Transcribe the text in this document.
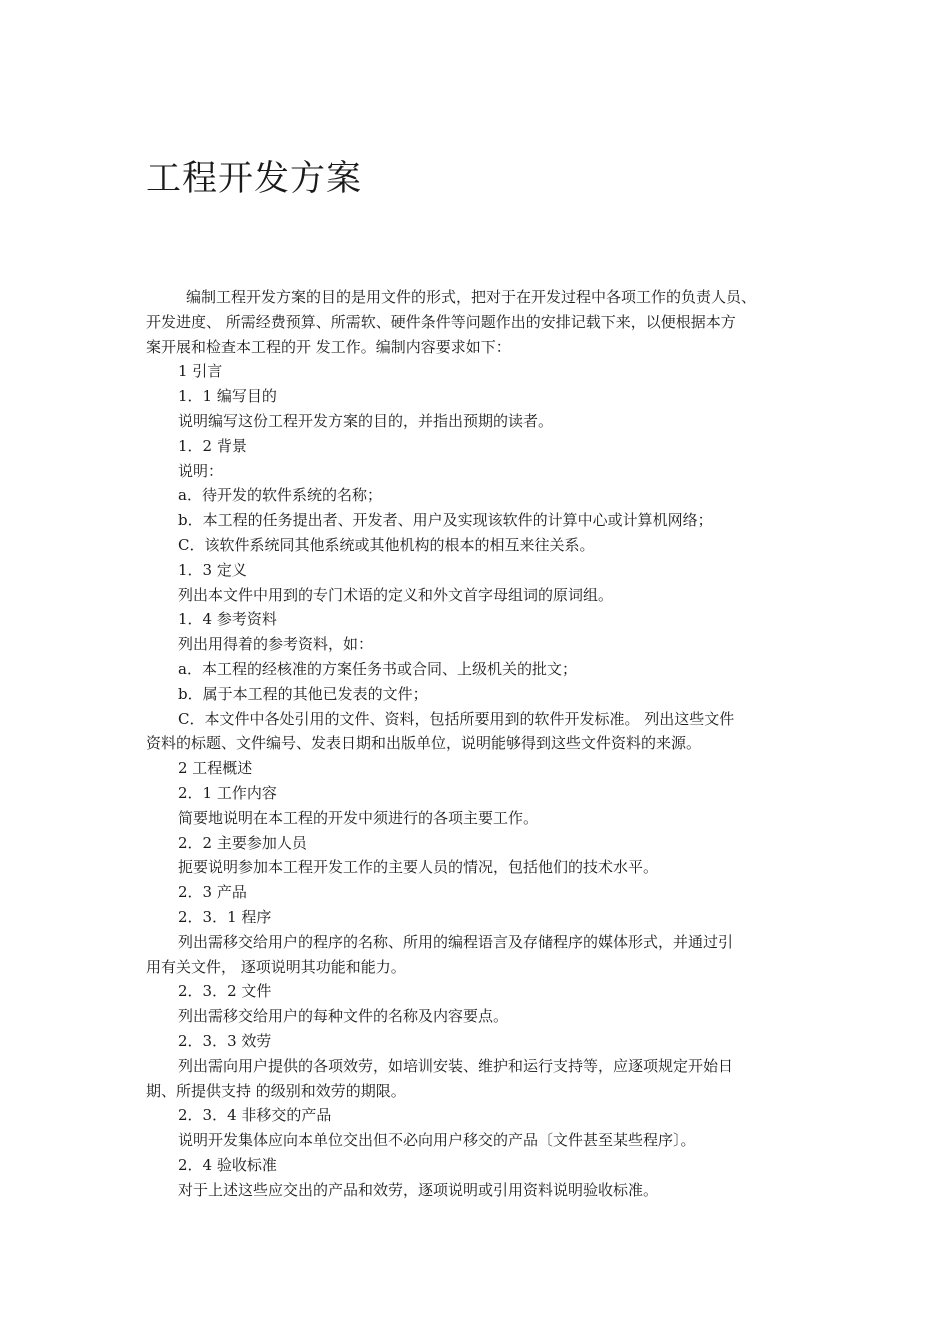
工程开发方案
编制工程开发方案的目的是用文件的形式，把对于在开发过程中各项工作的负责人员、
开发进度、 所需经费预算、所需软、硬件条件等问题作出的安排记载下来，以便根据本方
案开展和检查本工程的开 发工作。编制内容要求如下：
1 引言
1．1 编写目的
说明编写这份工程开发方案的目的，并指出预期的读者。
1．2 背景
说明：
a．待开发的软件系统的名称；
b．本工程的任务提出者、开发者、用户及实现该软件的计算中心或计算机网络；
C．该软件系统同其他系统或其他机构的根本的相互来往关系。
1．3 定义
列出本文件中用到的专门术语的定义和外文首字母组词的原词组。
1．4 参考资料
列出用得着的参考资料，如：
a．本工程的经核准的方案任务书或合同、上级机关的批文；
b．属于本工程的其他已发表的文件；
C．本文件中各处引用的文件、资料，包括所要用到的软件开发标准。 列出这些文件
资料的标题、文件编号、发表日期和出版单位，说明能够得到这些文件资料的来源。
2 工程概述
2．1 工作内容
简要地说明在本工程的开发中须进行的各项主要工作。
2．2 主要参加人员
扼要说明参加本工程开发工作的主要人员的情况，包括他们的技术水平。
2．3 产品
2．3．1 程序
列出需移交给用户的程序的名称、所用的编程语言及存储程序的媒体形式，并通过引
用有关文件， 逐项说明其功能和能力。
2．3．2 文件
列出需移交给用户的每种文件的名称及内容要点。
2．3．3 效劳
列出需向用户提供的各项效劳，如培训安装、维护和运行支持等，应逐项规定开始日
期、所提供支持 的级别和效劳的期限。
2．3．4 非移交的产品
说明开发集体应向本单位交出但不必向用户移交的产品〔文件甚至某些程序〕。
2．4 验收标准
对于上述这些应交出的产品和效劳，逐项说明或引用资料说明验收标准。
